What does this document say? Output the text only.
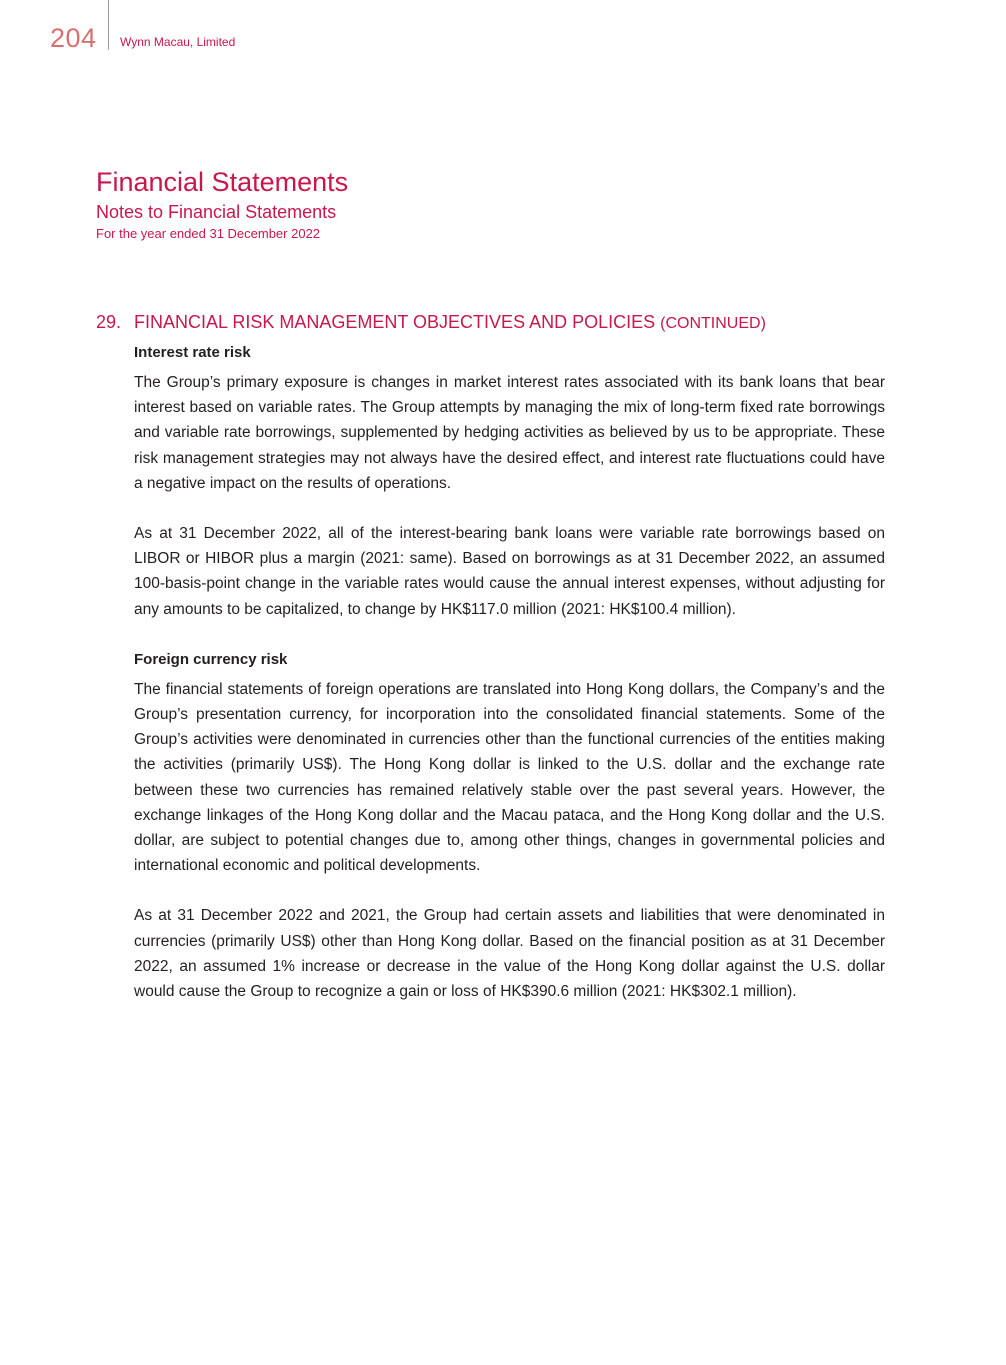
204 Wynn Macau, Limited
Financial Statements
Notes to Financial Statements
For the year ended 31 December 2022
29. FINANCIAL RISK MANAGEMENT OBJECTIVES AND POLICIES (CONTINUED)
Interest rate risk

The Group’s primary exposure is changes in market interest rates associated with its bank loans that bear interest based on variable rates. The Group attempts by managing the mix of long-term fixed rate borrowings and variable rate borrowings, supplemented by hedging activities as believed by us to be appropriate. These risk management strategies may not always have the desired effect, and interest rate fluctuations could have a negative impact on the results of operations.

As at 31 December 2022, all of the interest-bearing bank loans were variable rate borrowings based on LIBOR or HIBOR plus a margin (2021: same). Based on borrowings as at 31 December 2022, an assumed 100-basis-point change in the variable rates would cause the annual interest expenses, without adjusting for any amounts to be capitalized, to change by HK$117.0 million (2021: HK$100.4 million).

Foreign currency risk

The financial statements of foreign operations are translated into Hong Kong dollars, the Company’s and the Group’s presentation currency, for incorporation into the consolidated financial statements. Some of the Group’s activities were denominated in currencies other than the functional currencies of the entities making the activities (primarily US$). The Hong Kong dollar is linked to the U.S. dollar and the exchange rate between these two currencies has remained relatively stable over the past several years. However, the exchange linkages of the Hong Kong dollar and the Macau pataca, and the Hong Kong dollar and the U.S. dollar, are subject to potential changes due to, among other things, changes in governmental policies and international economic and political developments.

As at 31 December 2022 and 2021, the Group had certain assets and liabilities that were denominated in currencies (primarily US$) other than Hong Kong dollar. Based on the financial position as at 31 December 2022, an assumed 1% increase or decrease in the value of the Hong Kong dollar against the U.S. dollar would cause the Group to recognize a gain or loss of HK$390.6 million (2021: HK$302.1 million).
